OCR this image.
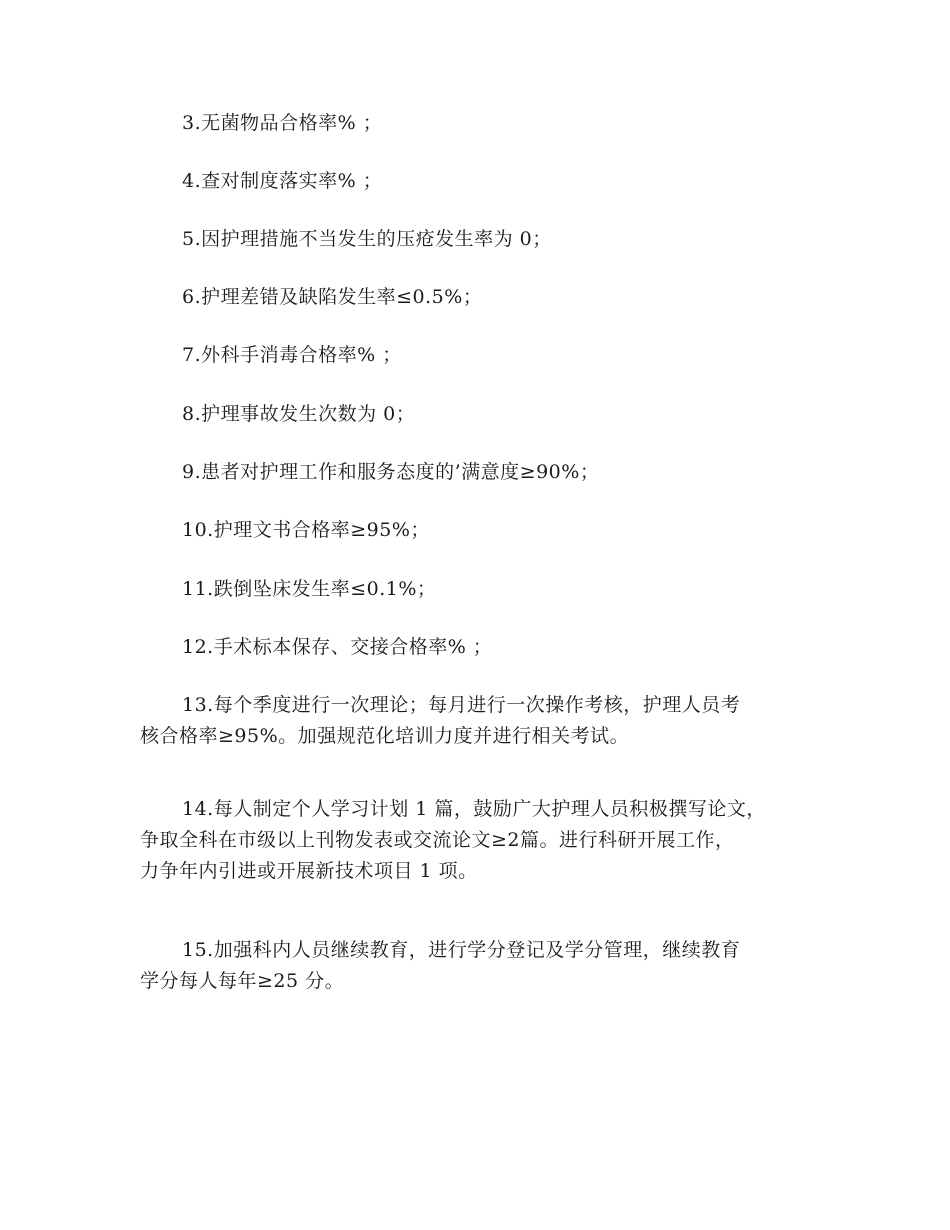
3.无菌物品合格率% ；
4.查对制度落实率% ；
5.因护理措施不当发生的压疮发生率为 0；
6.护理差错及缺陷发生率≤0.5%；
7.外科手消毒合格率% ；
8.护理事故发生次数为 0；
9.患者对护理工作和服务态度的’满意度≥90%；
10.护理文书合格率≥95%；
11.跌倒坠床发生率≤0.1%；
12.手术标本保存、交接合格率% ；
13.每个季度进行一次理论；每月进行一次操作考核，护理人员考
核合格率≥95%。加强规范化培训力度并进行相关考试。
14.每人制定个人学习计划 1 篇，鼓励广大护理人员积极撰写论文，
争取全科在市级以上刊物发表或交流论文≥2篇。进行科研开展工作，
力争年内引进或开展新技术项目 1 项。
15.加强科内人员继续教育，进行学分登记及学分管理，继续教育
学分每人每年≥25 分。
